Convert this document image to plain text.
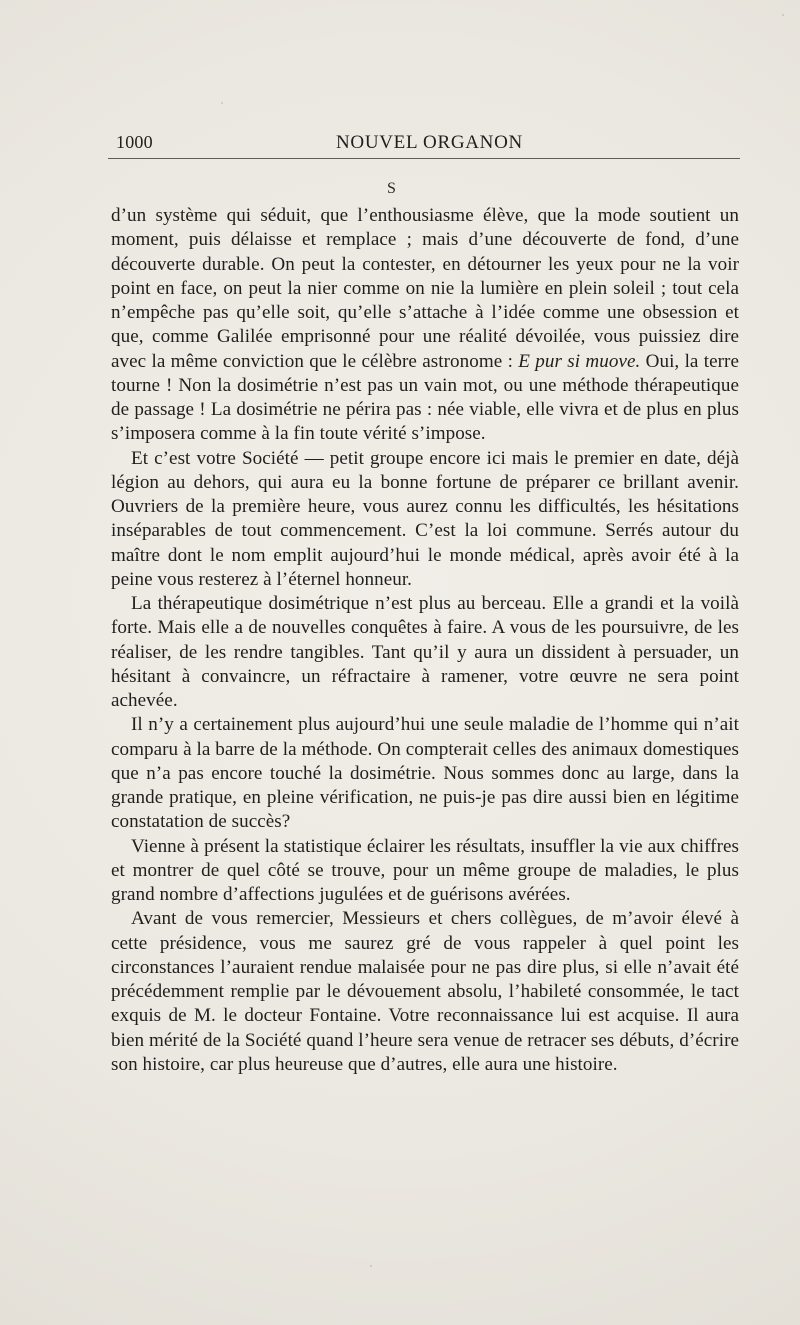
1000	NOUVEL ORGANON
S

d’un système qui séduit, que l’enthousiasme élève, que la mode soutient un moment, puis délaisse et remplace ; mais d’une découverte de fond, d’une découverte durable. On peut la contester, en détourner les yeux pour ne la voir point en face, on peut la nier comme on nie la lumière en plein soleil ; tout cela n’empêche pas qu’elle soit, qu’elle s’attache à l’idée comme une obsession et que, comme Galilée emprisonné pour une réalité dévoilée, vous puissiez dire avec la même conviction que le célèbre astronome : E pur si muove. Oui, la terre tourne ! Non la dosimétrie n’est pas un vain mot, ou une méthode thérapeutique de passage ! La dosimétrie ne périra pas : née viable, elle vivra et de plus en plus s’imposera comme à la fin toute vérité s’impose.

Et c’est votre Société — petit groupe encore ici mais le premier en date, déjà légion au dehors, qui aura eu la bonne fortune de préparer ce brillant avenir. Ouvriers de la première heure, vous aurez connu les difficultés, les hésitations inséparables de tout commencement. C’est la loi commune. Serrés autour du maître dont le nom emplit aujourd’hui le monde médical, après avoir été à la peine vous resterez à l’éternel honneur.

La thérapeutique dosimétrique n’est plus au berceau. Elle a grandi et la voilà forte. Mais elle a de nouvelles conquêtes à faire. A vous de les poursuivre, de les réaliser, de les rendre tangibles. Tant qu’il y aura un dissident à persuader, un hésitant à convaincre, un réfractaire à ramener, votre œuvre ne sera point achevée.

Il n’y a certainement plus aujourd’hui une seule maladie de l’homme qui n’ait comparu à la barre de la méthode. On compterait celles des animaux domestiques que n’a pas encore touché la dosimétrie. Nous sommes donc au large, dans la grande pratique, en pleine vérification, ne puis-je pas dire aussi bien en légitime constatation de succès?

Vienne à présent la statistique éclairer les résultats, insuffler la vie aux chiffres et montrer de quel côté se trouve, pour un même groupe de maladies, le plus grand nombre d’affections jugulées et de guérisons avérées.

Avant de vous remercier, Messieurs et chers collègues, de m’avoir élevé à cette présidence, vous me saurez gré de vous rappeler à quel point les circonstances l’auraient rendue malaisée pour ne pas dire plus, si elle n’avait été précédemment remplie par le dévouement absolu, l’habileté consommée, le tact exquis de M. le docteur Fontaine. Votre reconnaissance lui est acquise. Il aura bien mérité de la Société quand l’heure sera venue de retracer ses débuts, d’écrire son histoire, car plus heureuse que d’autres, elle aura une histoire.
